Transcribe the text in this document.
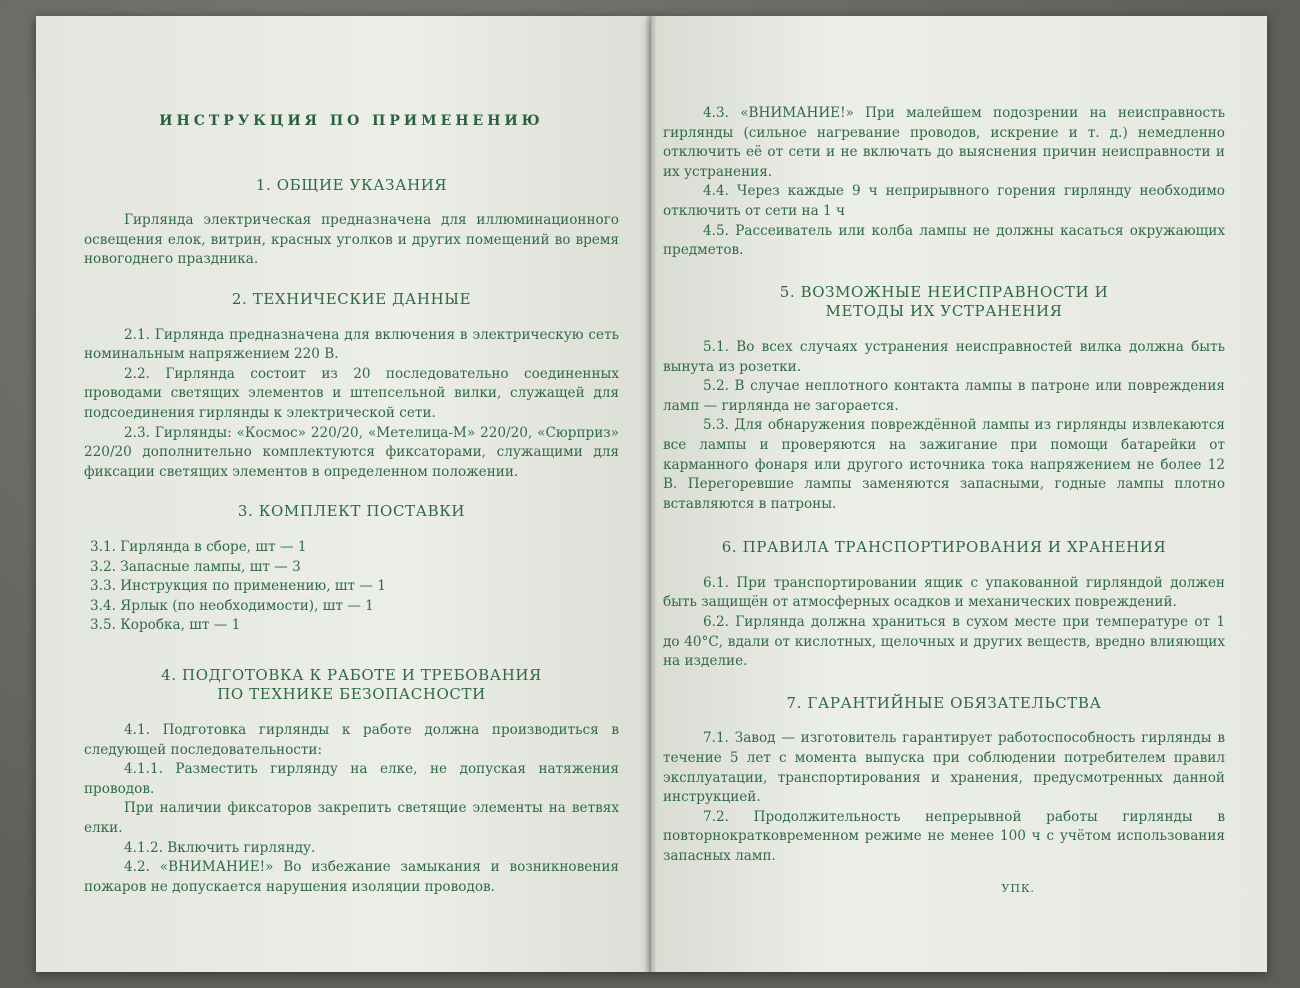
ИНСТРУКЦИЯ ПО ПРИМЕНЕНИЮ
1. ОБЩИЕ УКАЗАНИЯ

Гирлянда электрическая предназначена для иллюминационного освещения елок, витрин, красных уголков и других помещений во время новогоднего праздника.

2. ТЕХНИЧЕСКИЕ ДАННЫЕ

2.1. Гирлянда предназначена для включения в электрическую сеть номинальным напряжением 220 В.

2.2. Гирлянда состоит из 20 последовательно соединенных проводами светящих элементов и штепсельной вилки, служащей для подсоединения гирлянды к электрической сети.

2.3. Гирлянды: «Космос» 220/20, «Метелица-М» 220/20, «Сюрприз» 220/20 дополнительно комплектуются фиксаторами, служащими для фиксации светящих элементов в определенном положении.

3. КОМПЛЕКТ ПОСТАВКИ

3.1. Гирлянда в сборе, шт — 1

3.2. Запасные лампы, шт — 3

3.3. Инструкция по применению, шт — 1

3.4. Ярлык (по необходимости), шт — 1

3.5. Коробка, шт — 1

4. ПОДГОТОВКА К РАБОТЕ И ТРЕБОВАНИЯ
ПО ТЕХНИКЕ БЕЗОПАСНОСТИ

4.1. Подготовка гирлянды к работе должна производиться в следующей последовательности:

4.1.1. Разместить гирлянду на елке, не допуская натяжения проводов.

При наличии фиксаторов закрепить светящие элементы на ветвях елки.

4.1.2. Включить гирлянду.

4.2. «ВНИМАНИЕ!» Во избежание замыкания и возникновения пожаров не допускается нарушения изоляции проводов.

4.3. «ВНИМАНИЕ!» При малейшем подозрении на неисправность гирлянды (сильное нагревание проводов, искрение и т. д.) немедленно отключить её от сети и не включать до выяснения причин неисправности и их устранения.

4.4. Через каждые 9 ч неприрывного горения гирлянду необходимо отключить от сети на 1 ч

4.5. Рассеиватель или колба лампы не должны касаться окружающих предметов.

5. ВОЗМОЖНЫЕ НЕИСПРАВНОСТИ И
МЕТОДЫ ИХ УСТРАНЕНИЯ

5.1. Во всех случаях устранения неисправностей вилка должна быть вынута из розетки.

5.2. В случае неплотного контакта лампы в патроне или повреждения ламп — гирлянда не загорается.

5.3. Для обнаружения повреждённой лампы из гирлянды извлекаются все лампы и проверяются на зажигание при помощи батарейки от карманного фонаря или другого источника тока напряжением не более 12 В. Перегоревшие лампы заменяются запасными, годные лампы плотно вставляются в патроны.

6. ПРАВИЛА ТРАНСПОРТИРОВАНИЯ И ХРАНЕНИЯ

6.1. При транспортировании ящик с упакованной гирляндой должен быть защищён от атмосферных осадков и механических повреждений.

6.2. Гирлянда должна храниться в сухом месте при температуре от 1 до 40°С, вдали от кислотных, щелочных и других веществ, вредно влияющих на изделие.

7. ГАРАНТИЙНЫЕ ОБЯЗАТЕЛЬСТВА

7.1. Завод — изготовитель гарантирует работоспособность гирлянды в течение 5 лет с момента выпуска при соблюдении потребителем правил эксплуатации, транспортирования и хранения, предусмотренных данной инструкцией.

7.2. Продолжительность непрерывной работы гирлянды в повторнократковременном режиме не менее 100 ч с учётом использования запасных ламп.

УПК.
